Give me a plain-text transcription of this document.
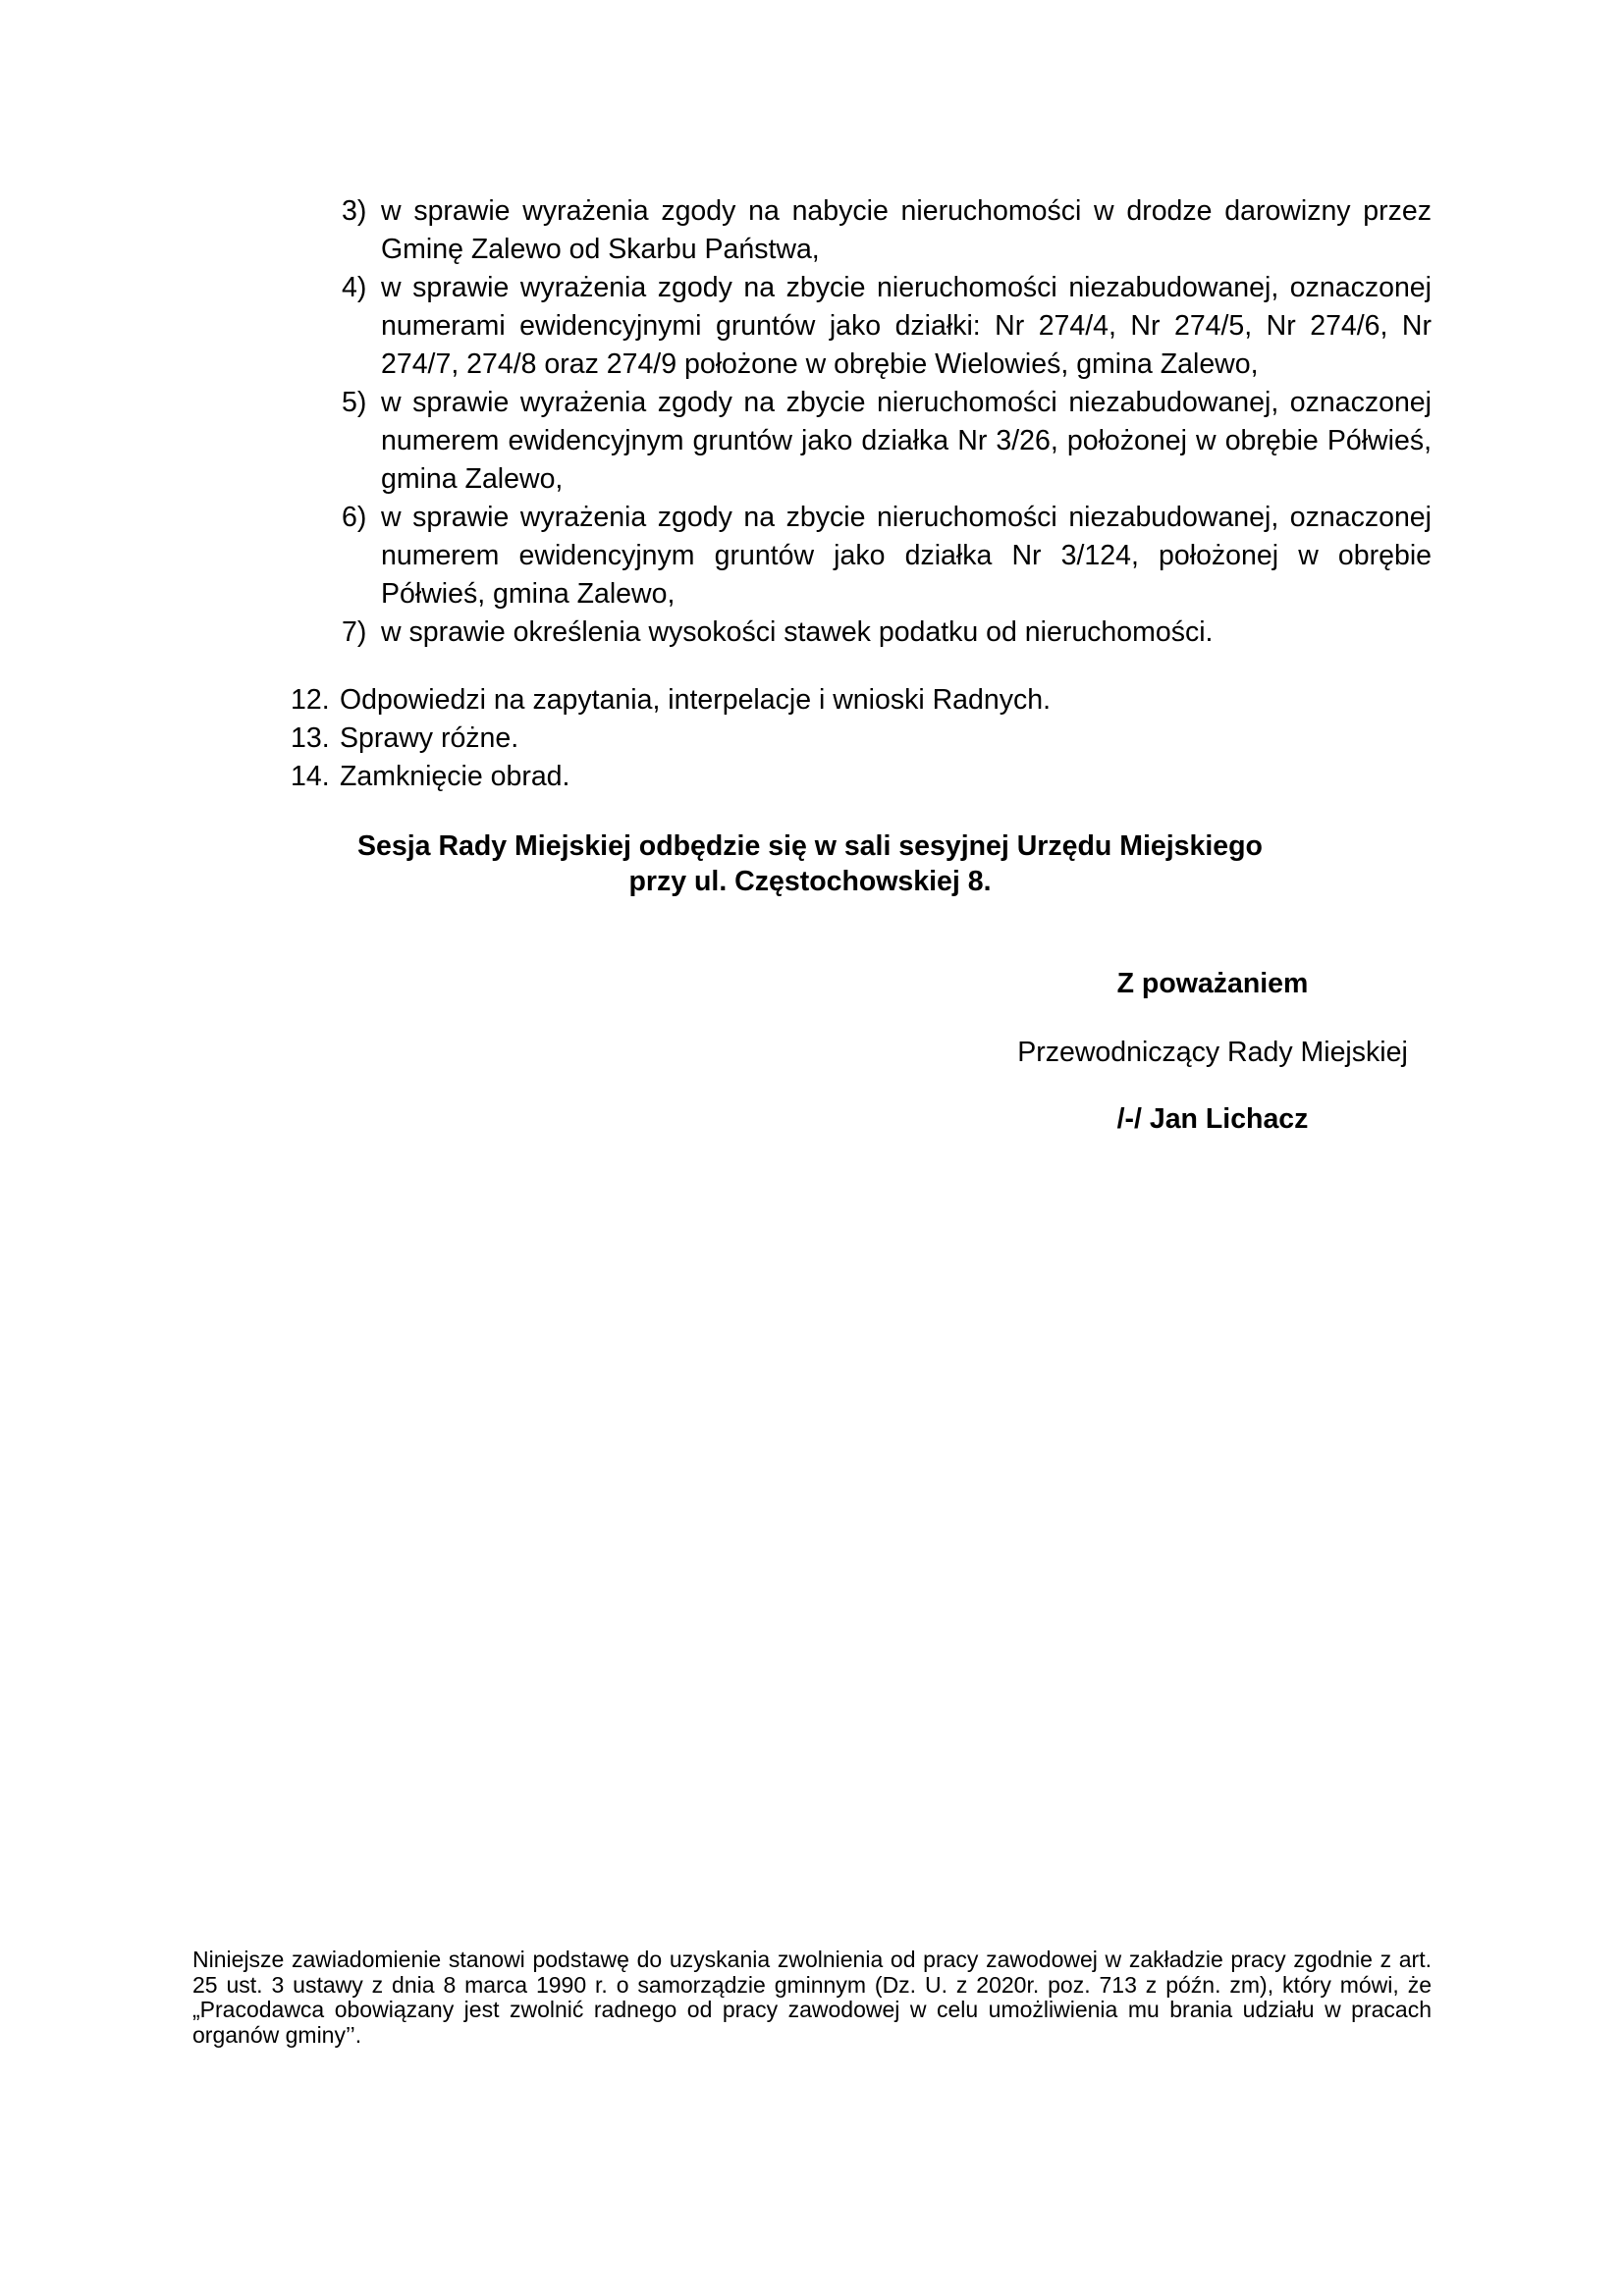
3) w sprawie wyrażenia zgody na nabycie nieruchomości w drodze darowizny przez Gminę Zalewo od Skarbu Państwa,
4) w sprawie wyrażenia zgody na zbycie nieruchomości niezabudowanej, oznaczonej numerami ewidencyjnymi gruntów jako działki: Nr 274/4, Nr 274/5, Nr 274/6, Nr 274/7, 274/8 oraz 274/9 położone w obrębie Wielowieś, gmina Zalewo,
5) w sprawie wyrażenia zgody na zbycie nieruchomości niezabudowanej, oznaczonej numerem ewidencyjnym gruntów jako działka Nr 3/26, położonej w obrębie Półwieś, gmina Zalewo,
6) w sprawie wyrażenia zgody na zbycie nieruchomości niezabudowanej, oznaczonej numerem ewidencyjnym gruntów jako działka Nr 3/124, położonej w obrębie Półwieś, gmina Zalewo,
7) w sprawie określenia wysokości stawek podatku od nieruchomości.
12. Odpowiedzi na zapytania, interpelacje i wnioski Radnych.
13. Sprawy różne.
14. Zamknięcie obrad.
Sesja Rady Miejskiej odbędzie się w sali sesyjnej Urzędu Miejskiego
przy ul. Częstochowskiej 8.
Z poważaniem
Przewodniczący Rady Miejskiej
/-/ Jan Lichacz
Niniejsze zawiadomienie stanowi podstawę do uzyskania zwolnienia od pracy zawodowej w zakładzie pracy zgodnie z art. 25 ust. 3 ustawy z dnia 8 marca 1990 r. o samorządzie gminnym (Dz. U. z 2020r. poz. 713 z późn. zm), który mówi, że „Pracodawca obowiązany jest zwolnić radnego od pracy zawodowej w celu umożliwienia mu brania udziału w pracach organów gminy’’.
